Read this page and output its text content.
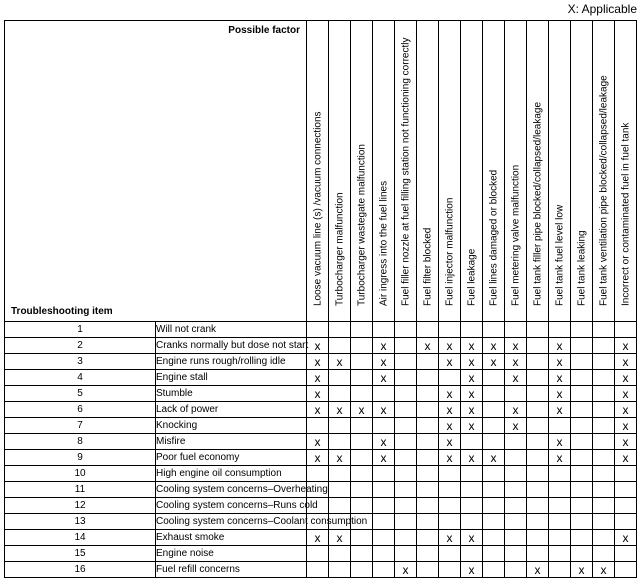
X: Applicable
Possible factor
Troubleshooting item		Loose vacuum line (s) /vacuum connections	Turbocharger malfunction	Turbocharger wastegate malfunction	Air ingress into the fuel lines	Fuel filler nozzle at fuel filling station not functioning correctly	Fuel filter blocked	Fuel injector malfunction	Fuel leakage	Fuel lines damaged or blocked	Fuel metering valve malfunction	Fuel tank filler pipe blocked/collapsed/leakage	Fuel tank fuel level low	Fuel tank leaking	Fuel tank ventilation pipe blocked/collapsed/leakage	Incorrect or contaminated fuel in fuel tank

1	Will not crank															
2	Cranks normally but dose not start	x			x		x	x	x	x	x		x			x
3	Engine runs rough/rolling idle	x	x		x			x	x	x	x		x			x
4	Engine stall	x			x				x		x		x			x
5	Stumble	x						x	x				x			x
6	Lack of power	x	x	x	x			x	x		x		x			x
7	Knocking							x	x		x					x
8	Misfire	x			x			x					x			x
9	Poor fuel economy	x	x		x			x	x	x			x			x
10	High engine oil consumption															
11	Cooling system concerns–Overheating															
12	Cooling system concerns–Runs cold															
13	Cooling system concerns–Coolant consumption															
14	Exhaust smoke	x	x					x	x							x
15	Engine noise															
16	Fuel refill concerns					x			x			x		x	x	
